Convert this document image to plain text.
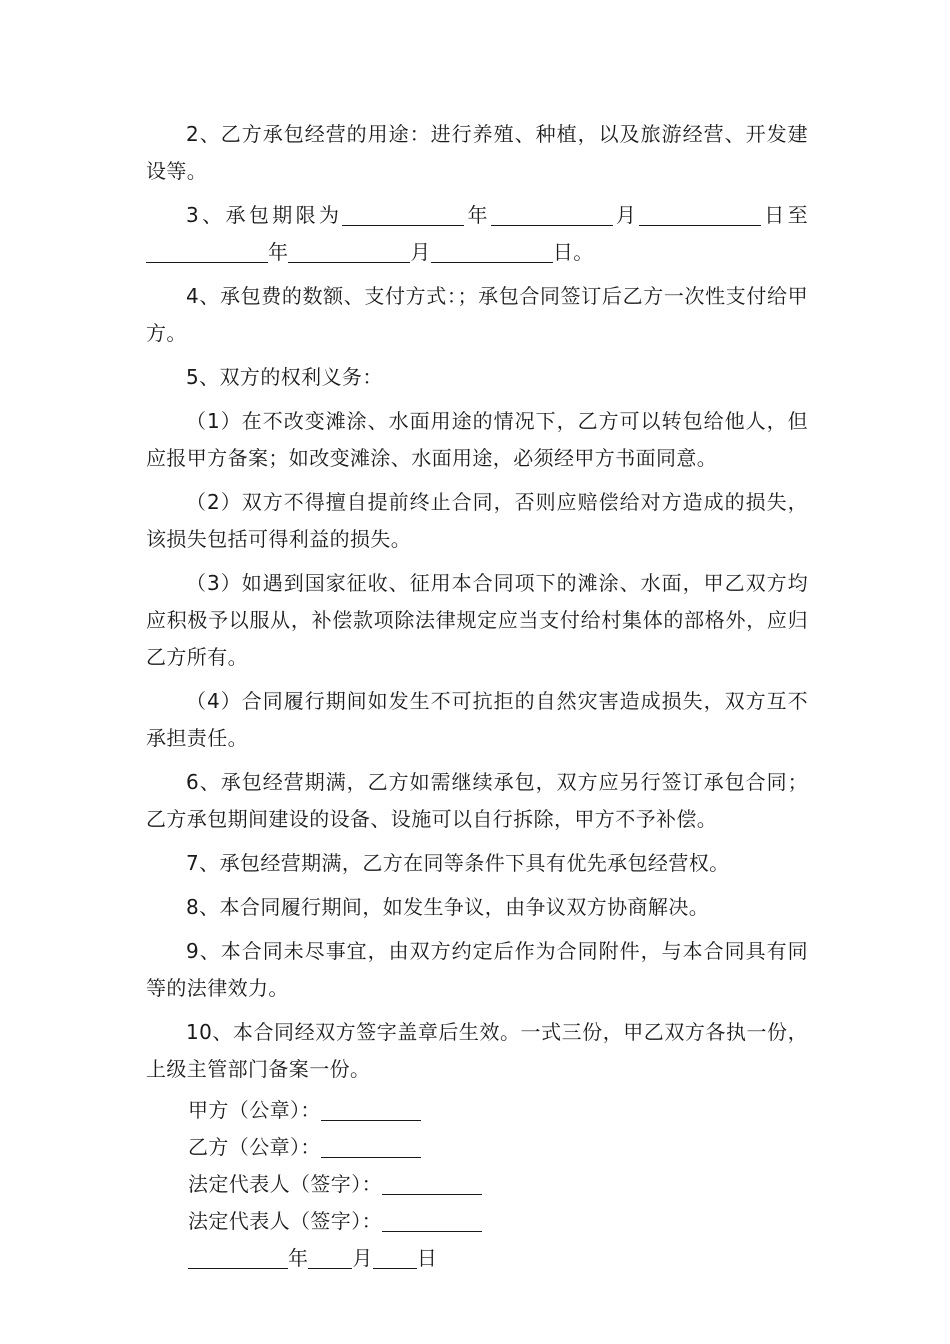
2、乙方承包经营的用途：进行养殖、种植，以及旅游经营、开发建设等。

3、承包期限为	年	月	日至年	月	日。

4、承包费的数额、支付方式：；承包合同签订后乙方一次性支付给甲方。

5、双方的权利义务：

（1）在不改变滩涂、水面用途的情况下，乙方可以转包给他人，但应报甲方备案；如改变滩涂、水面用途，必须经甲方书面同意。

（2）双方不得擅自提前终止合同，否则应赔偿给对方造成的损失，该损失包括可得利益的损失。

（3）如遇到国家征收、征用本合同项下的滩涂、水面，甲乙双方均应积极予以服从，补偿款项除法律规定应当支付给村集体的部格外，应归乙方所有。

（4）合同履行期间如发生不可抗拒的自然灾害造成损失，双方互不承担责任。

6、承包经营期满，乙方如需继续承包，双方应另行签订承包合同；乙方承包期间建设的设备、设施可以自行拆除，甲方不予补偿。

7、承包经营期满，乙方在同等条件下具有优先承包经营权。

8、本合同履行期间，如发生争议，由争议双方协商解决。

9、本合同未尽事宜，由双方约定后作为合同附件，与本合同具有同等的法律效力。

10、本合同经双方签字盖章后生效。一式三份，甲乙双方各执一份，上级主管部门备案一份。

甲方（公章）：
乙方（公章）：
法定代表人（签字）：
法定代表人（签字）：
年 月 日
